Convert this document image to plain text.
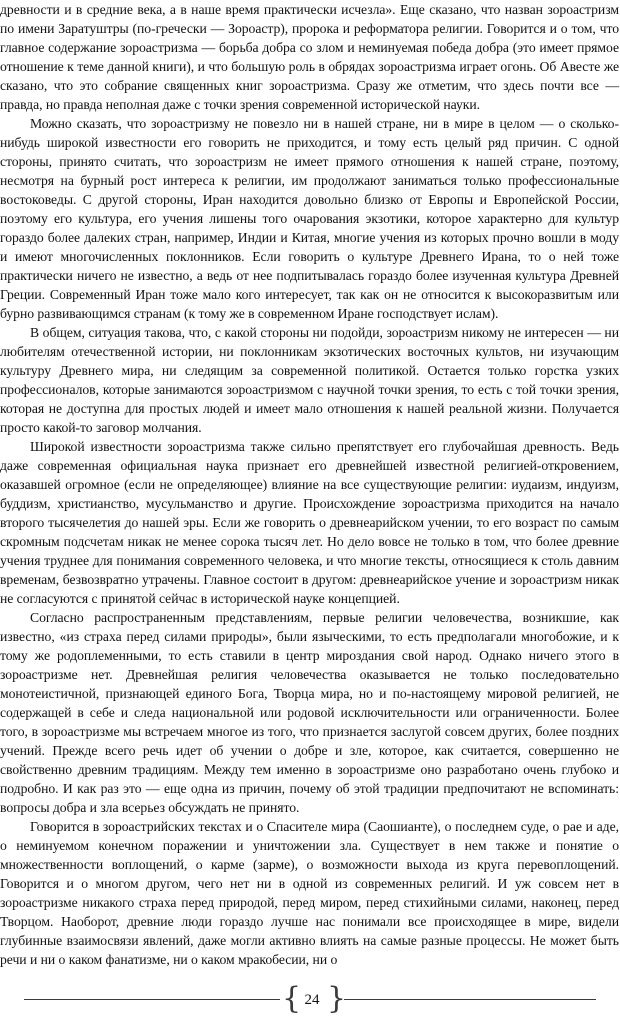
древности и в средние века, а в наше время практически исчезла». Еще сказано, что назван зороастризм по имени Заратуштры (по-гречески — Зороастр), пророка и реформатора религии. Говорится и о том, что главное содержание зороастризма — борьба добра со злом и неминуемая победа добра (это имеет прямое отношение к теме данной книги), и что большую роль в обрядах зороастризма играет огонь. Об Авесте же сказано, что это собрание священных книг зороастризма. Сразу же отметим, что здесь почти все — правда, но правда неполная даже с точки зрения современной исторической науки.

Можно сказать, что зороастризму не повезло ни в нашей стране, ни в мире в целом — о сколько-нибудь широкой известности его говорить не приходится, и тому есть целый ряд причин. С одной стороны, принято считать, что зороастризм не имеет прямого отношения к нашей стране, поэтому, несмотря на бурный рост интереса к религии, им продолжают заниматься только профессиональные востоковеды. С другой стороны, Иран находится довольно близко от Европы и Европейской России, поэтому его культура, его учения лишены того очарования экзотики, которое характерно для культур гораздо более далеких стран, например, Индии и Китая, многие учения из которых прочно вошли в моду и имеют многочисленных поклонников. Если говорить о культуре Древнего Ирана, то о ней тоже практически ничего не известно, а ведь от нее подпитывалась гораздо более изученная культура Древней Греции. Современный Иран тоже мало кого интересует, так как он не относится к высокоразвитым или бурно развивающимся странам (к тому же в современном Иране господствует ислам).

В общем, ситуация такова, что, с какой стороны ни подойди, зороастризм никому не интересен — ни любителям отечественной истории, ни поклонникам экзотических восточных культов, ни изучающим культуру Древнего мира, ни следящим за современной политикой. Остается только горстка узких профессионалов, которые занимаются зороастризмом с научной точки зрения, то есть с той точки зрения, которая не доступна для простых людей и имеет мало отношения к нашей реальной жизни. Получается просто какой-то заговор молчания.

Широкой известности зороастризма также сильно препятствует его глубочайшая древность. Ведь даже современная официальная наука признает его древнейшей известной религией-откровением, оказавшей огромное (если не определяющее) влияние на все существующие религии: иудаизм, индуизм, буддизм, христианство, мусульманство и другие. Происхождение зороастризма приходится на начало второго тысячелетия до нашей эры. Если же говорить о древнеарийском учении, то его возраст по самым скромным подсчетам никак не менее сорока тысяч лет. Но дело вовсе не только в том, что более древние учения труднее для понимания современного человека, и что многие тексты, относящиеся к столь давним временам, безвозвратно утрачены. Главное состоит в другом: древнеарийское учение и зороастризм никак не согласуются с принятой сейчас в исторической науке концепцией.

Согласно распространенным представлениям, первые религии человечества, возникшие, как известно, «из страха перед силами природы», были языческими, то есть предполагали многобожие, и к тому же родоплеменными, то есть ставили в центр мироздания свой народ. Однако ничего этого в зороастризме нет. Древнейшая религия человечества оказывается не только последовательно монотеистичной, признающей единого Бога, Творца мира, но и по-настоящему мировой религией, не содержащей в себе и следа национальной или родовой исключительности или ограниченности. Более того, в зороастризме мы встречаем многое из того, что признается заслугой совсем других, более поздних учений. Прежде всего речь идет об учении о добре и зле, которое, как считается, совершенно не свойственно древним традициям. Между тем именно в зороастризме оно разработано очень глубоко и подробно. И как раз это — еще одна из причин, почему об этой традиции предпочитают не вспоминать: вопросы добра и зла всерьез обсуждать не принято.

Говорится в зороастрийских текстах и о Спасителе мира (Саошианте), о последнем суде, о рае и аде, о неминуемом конечном поражении и уничтожении зла. Существует в нем также и понятие о множественности воплощений, о карме (зарме), о возможности выхода из круга перевоплощений. Говорится и о многом другом, чего нет ни в одной из современных религий. И уж совсем нет в зороастризме никакого страха перед природой, перед миром, перед стихийными силами, наконец, перед Творцом. Наоборот, древние люди гораздо лучше нас понимали все происходящее в мире, видели глубинные взаимосвязи явлений, даже могли активно влиять на самые разные процессы. Не может быть речи и ни о каком фанатизме, ни о каком мракобесии, ни о

{ 24 }
